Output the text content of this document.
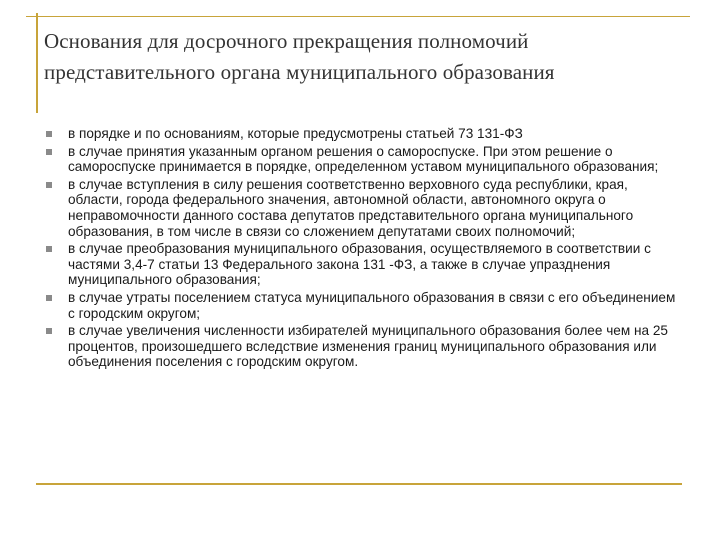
Основания для досрочного прекращения полномочий представительного органа муниципального образования
в порядке и по основаниям, которые предусмотрены статьей 73 131-ФЗ
в случае принятия указанным органом решения о самороспуске. При этом решение о самороспуске принимается в порядке, определенном уставом муниципального образования;
в случае вступления в силу решения соответственно верховного суда республики, края, области, города федерального значения, автономной области, автономного округа о неправомочности данного состава депутатов представительного органа муниципального образования, в том числе в связи со сложением депутатами своих полномочий;
в случае преобразования муниципального образования, осуществляемого в соответствии с частями 3,4-7 статьи 13 Федерального закона 131 -ФЗ, а также в случае упразднения муниципального образования;
в случае утраты поселением статуса муниципального образования в связи с его объединением с городским округом;
в случае увеличения численности избирателей муниципального образования более чем на 25 процентов, произошедшего вследствие изменения границ муниципального образования или объединения поселения с городским округом.
